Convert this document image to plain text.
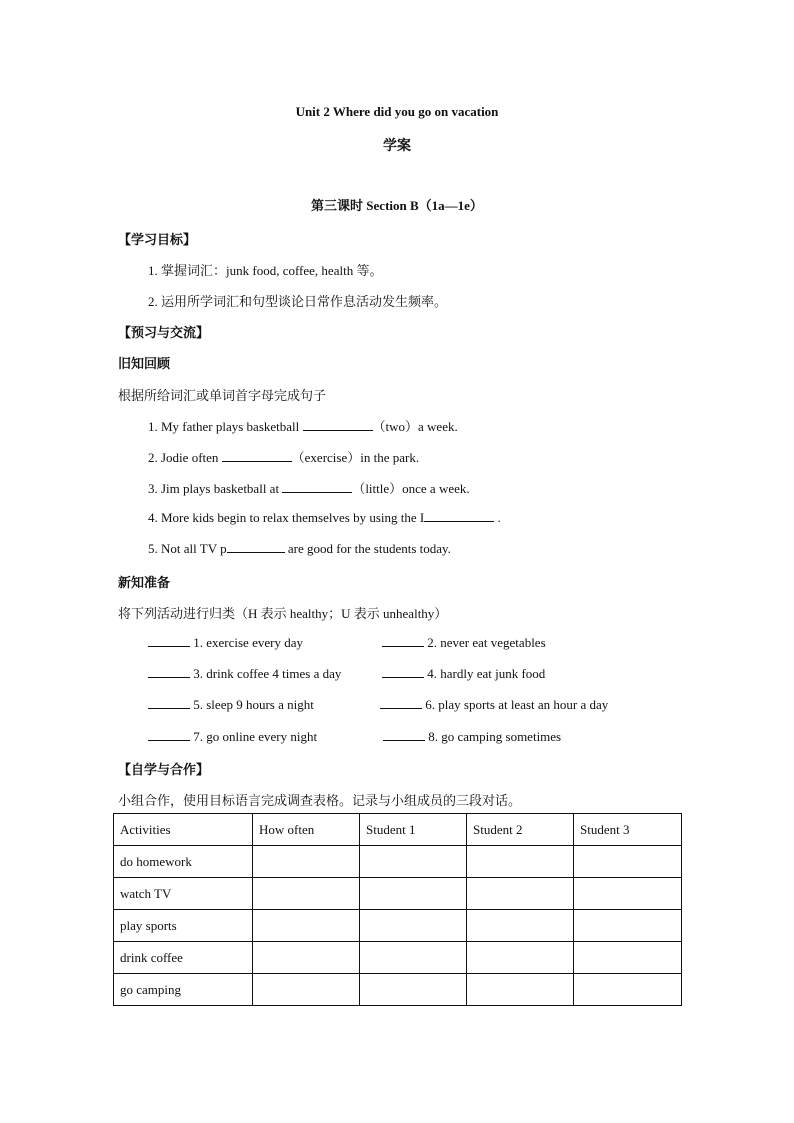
Unit 2 Where did you go on vacation
学案
第三课时 Section B（1a—1e）
【学习目标】
1. 掌握词汇：junk food, coffee, health 等。
2. 运用所学词汇和句型谈论日常作息活动发生频率。
【预习与交流】
旧知回顾
根据所给词汇或单词首字母完成句子
1. My father plays basketball	（two）a week.
2. Jodie often	（exercise）in the park.
3. Jim plays basketball at	（little）once a week.
4. More kids begin to relax themselves by using the I	.
5. Not all TV p	are good for the students today.
新知准备
将下列活动进行归类（H 表示 healthy；U 表示 unhealthy）
1. exercise every day	2. never eat vegetables
3. drink coffee 4 times a day	4. hardly eat junk food
5. sleep 9 hours a night	6. play sports at least an hour a day
7. go online every night	8. go camping sometimes
【自学与合作】
小组合作，使用目标语言完成调查表格。记录与小组成员的三段对话。
Activities	How often	Student 1	Student 2	Student 3
do homework				
watch TV				
play sports				
drink coffee				
go camping				
